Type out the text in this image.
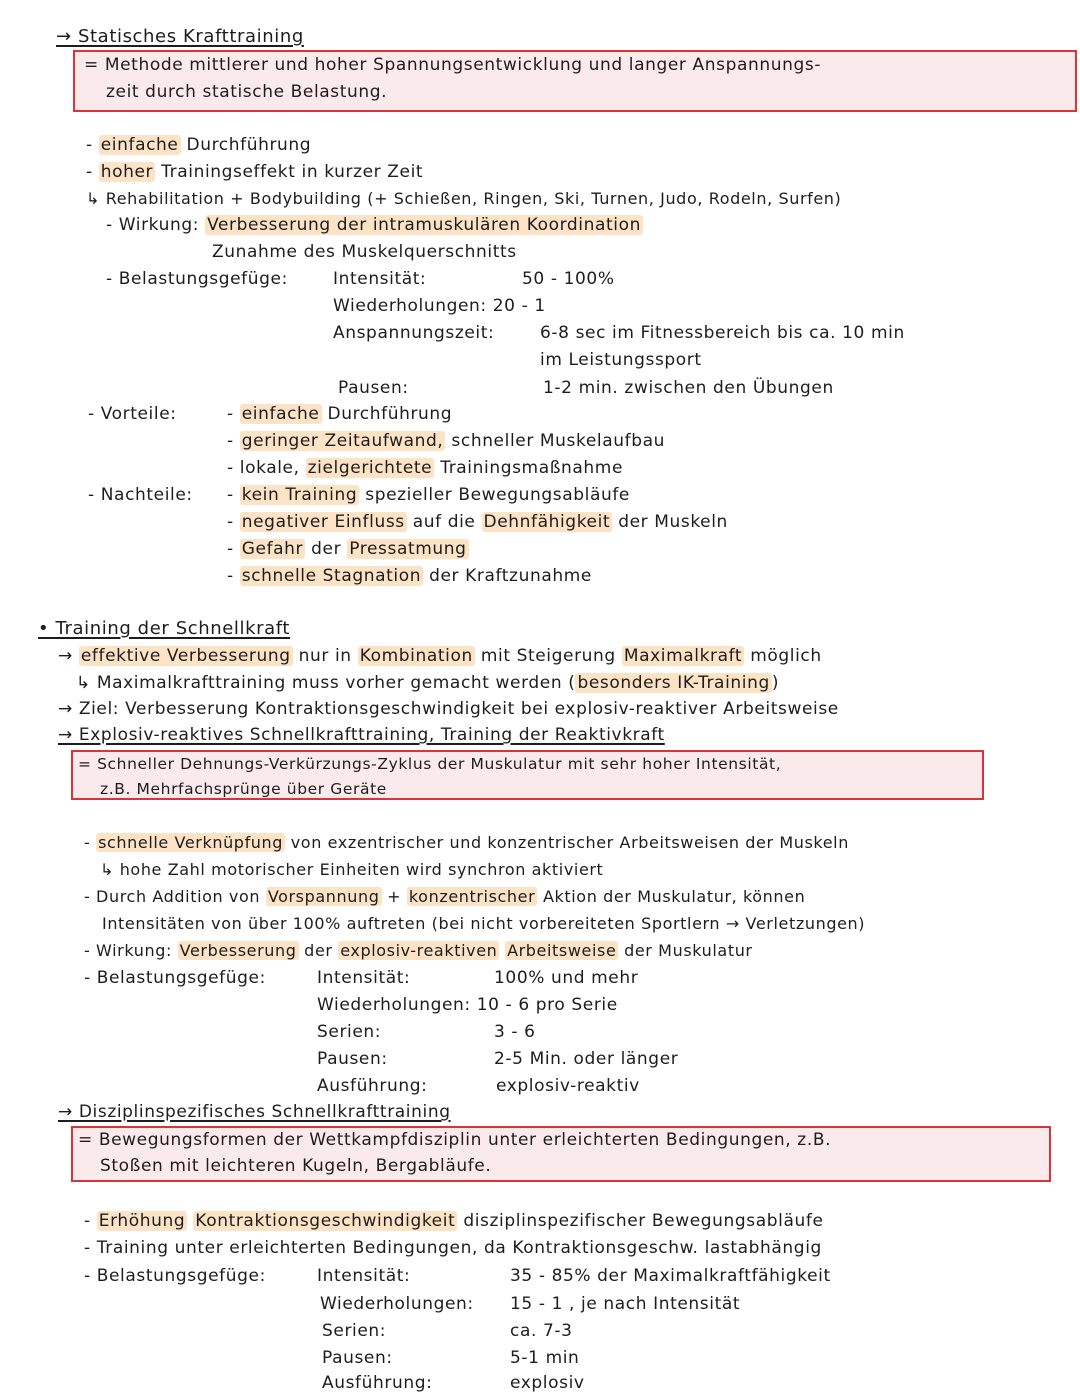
→ Statisches Krafttraining
= Methode mittlerer und hoher Spannungsentwicklung und langer Anspannungs-
zeit durch statische Belastung.
- einfache Durchführung
- hoher Trainingseffekt in kurzer Zeit
↳ Rehabilitation + Bodybuilding (+ Schießen, Ringen, Ski, Turnen, Judo, Rodeln, Surfen)
- Wirkung: Verbesserung der intramuskulären Koordination
Zunahme des Muskelquerschnitts
- Belastungsgefüge:	Intensität:	50 - 100%
Wiederholungen: 20 - 1
Anspannungszeit:	6-8 sec im Fitnessbereich bis ca. 10 min
im Leistungssport
Pausen:	1-2 min. zwischen den Übungen
- Vorteile:	- einfache Durchführung
- geringer Zeitaufwand, schneller Muskelaufbau
- lokale, zielgerichtete Trainingsmaßnahme
- Nachteile: - kein Training spezieller Bewegungsabläufe
- negativer Einfluss auf die Dehnfähigkeit der Muskeln
- Gefahr der Pressatmung
- schnelle Stagnation der Kraftzunahme
• Training der Schnellkraft
→ effektive Verbesserung nur in Kombination mit Steigerung Maximalkraft möglich
↳ Maximalkrafttraining muss vorher gemacht werden ( besonders IK-Training )
→ Ziel: Verbesserung Kontraktionsgeschwindigkeit bei explosiv-reaktiver Arbeitsweise
→ Explosiv-reaktives Schnellkrafttraining, Training der Reaktivkraft
= Schneller Dehnungs-Verkürzungs-Zyklus der Muskulatur mit sehr hoher Intensität,
z.B. Mehrfachsprünge über Geräte
- schnelle Verknüpfung von exzentrischer und konzentrischer Arbeitsweisen der Muskeln
↳ hohe Zahl motorischer Einheiten wird synchron aktiviert
- Durch Addition von Vorspannung + konzentrischer Aktion der Muskulatur, können
Intensitäten von über 100% auftreten (bei nicht vorbereiteten Sportlern → Verletzungen)
- Wirkung: Verbesserung der explosiv-reaktiven Arbeitsweise der Muskulatur
- Belastungsgefüge:	Intensität:	100% und mehr
Wiederholungen: 10 - 6 pro Serie
Serien:	3 - 6
Pausen:	2-5 Min. oder länger
Ausführung:	explosiv-reaktiv
→ Disziplinspezifisches Schnellkrafttraining
= Bewegungsformen der Wettkampfdisziplin unter erleichterten Bedingungen, z.B.
Stoßen mit leichteren Kugeln, Bergabläufe.
- Erhöhung Kontraktionsgeschwindigkeit disziplinspezifischer Bewegungsabläufe
- Training unter erleichterten Bedingungen, da Kontraktionsgeschw. lastabhängig
- Belastungsgefüge:	Intensität:	35 - 85% der Maximalkraftfähigkeit
Wiederholungen: 15 - 1 , je nach Intensität
Serien:	ca. 7-3
Pausen:	5-1 min
Ausführung:	explosiv
